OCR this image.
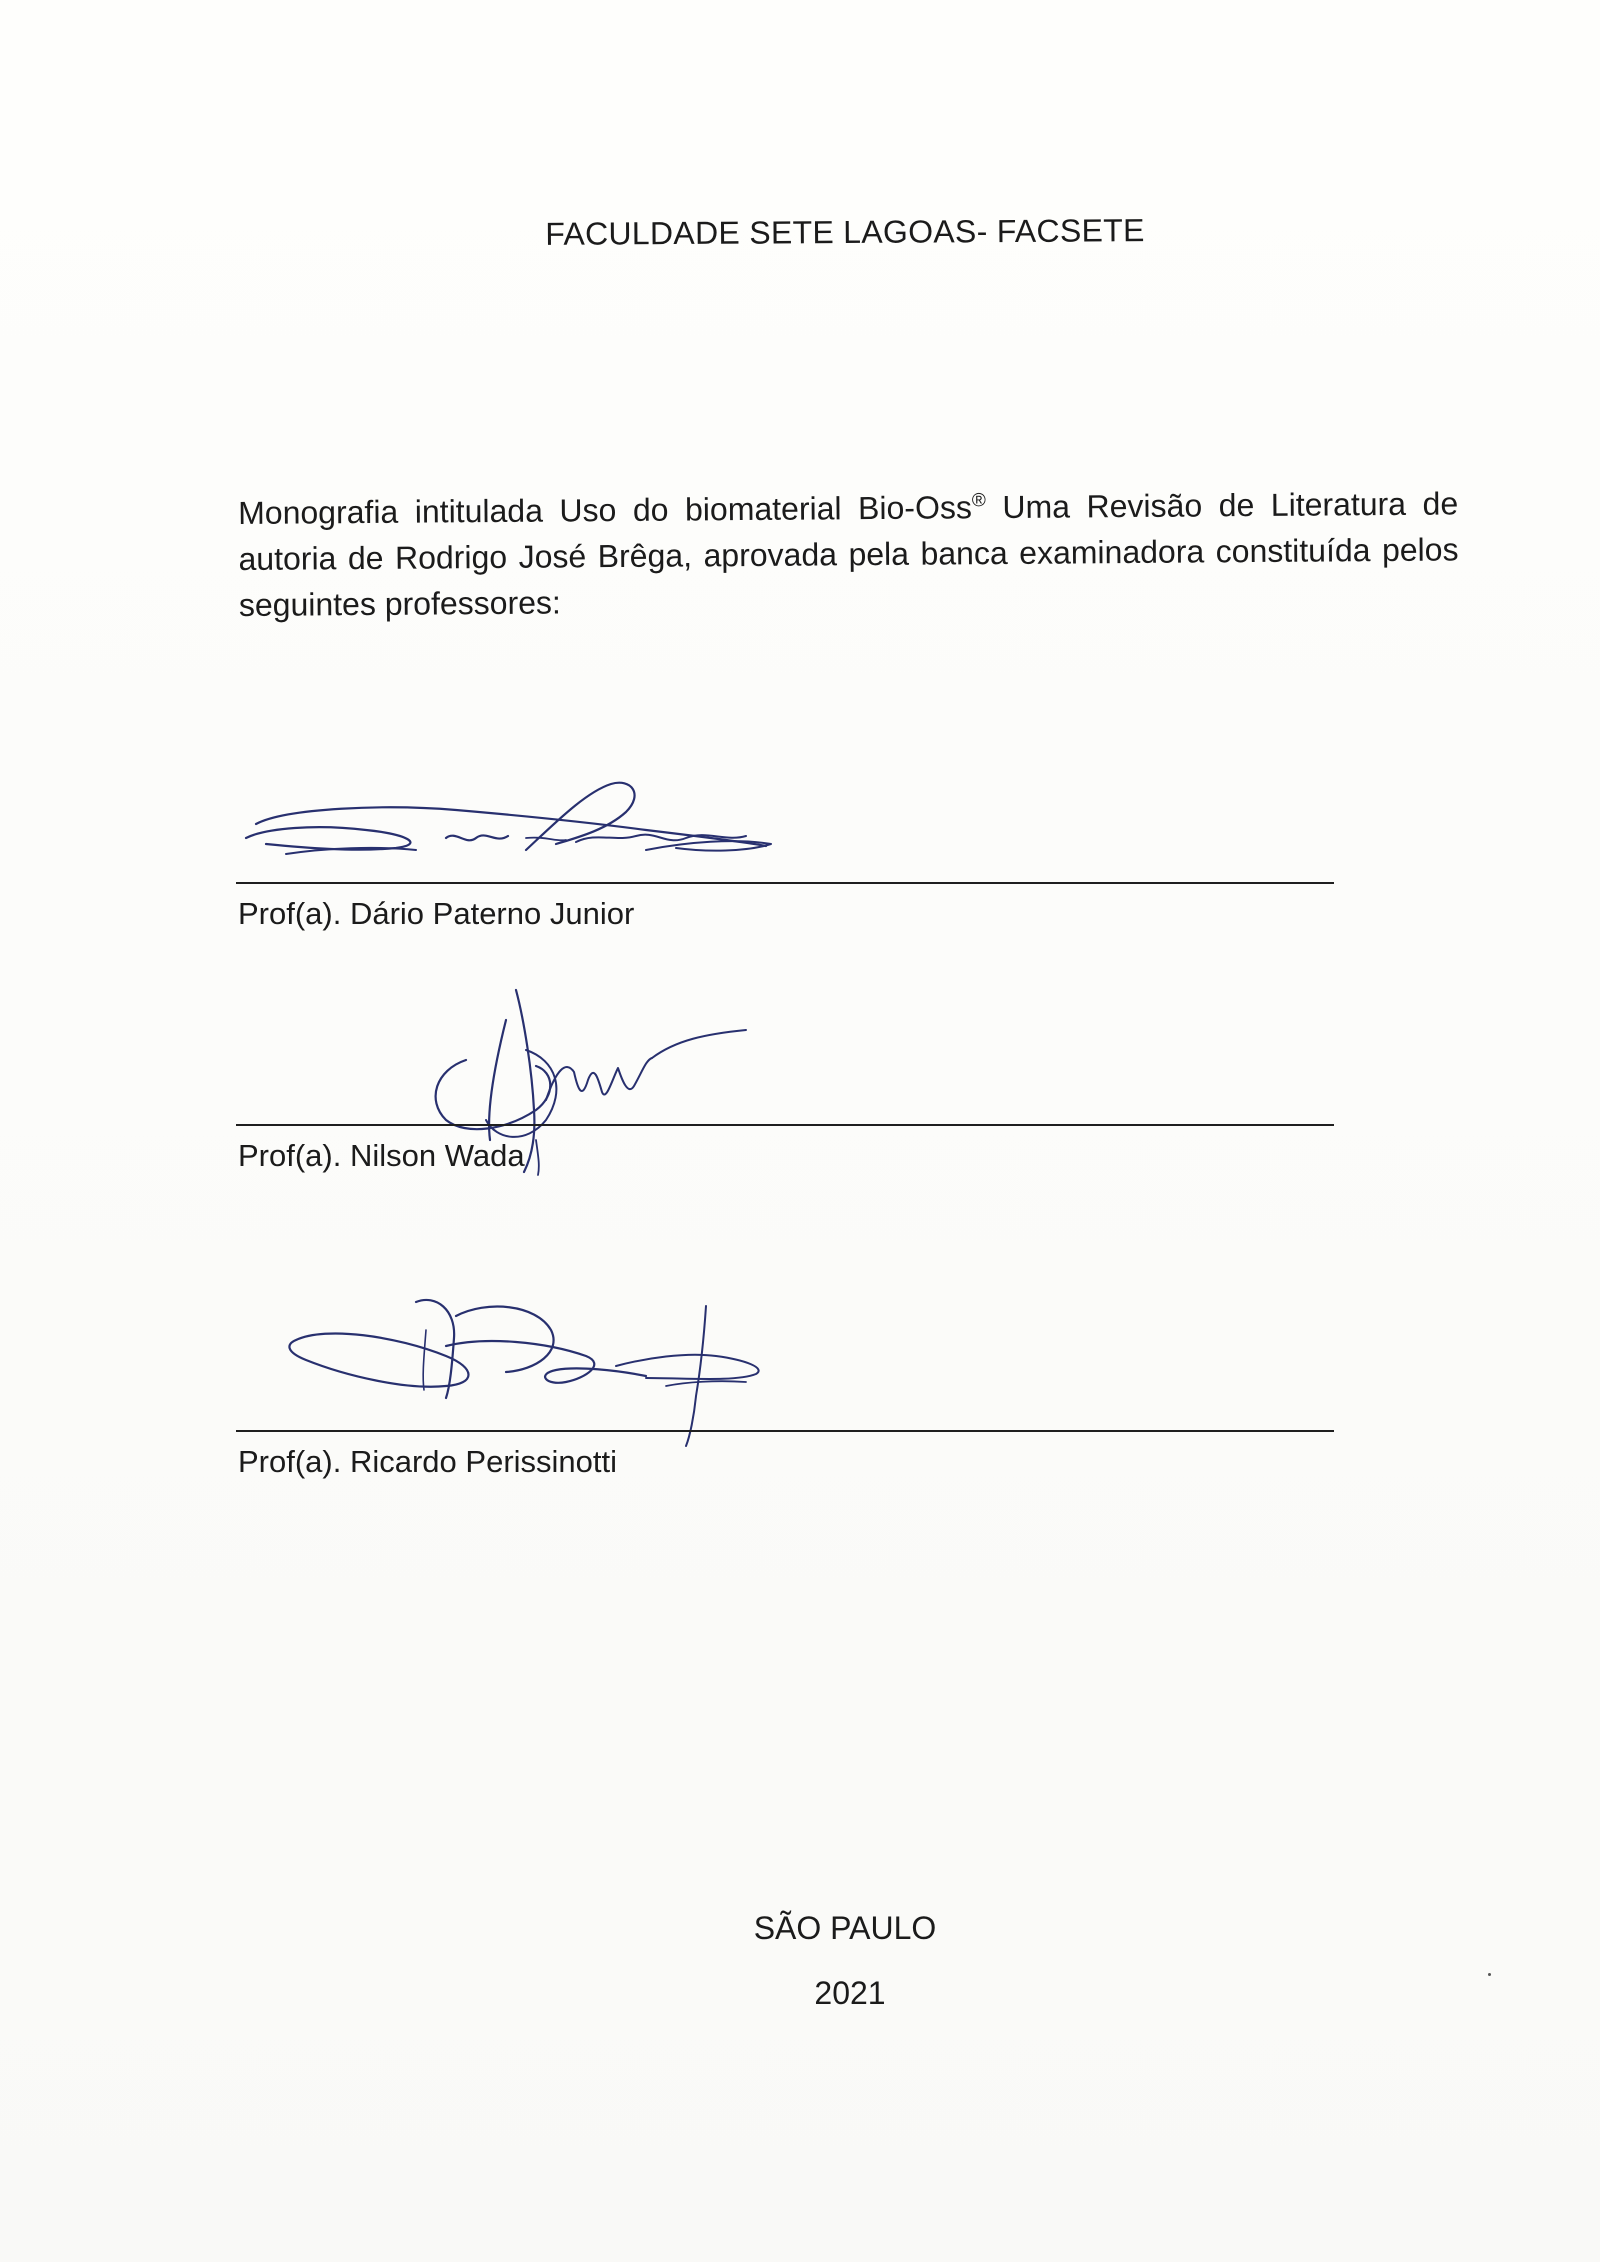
FACULDADE SETE LAGOAS- FACSETE

Monografia intitulada Uso do biomaterial Bio-Oss® Uma Revisão de Literatura de autoria de Rodrigo José Brêga, aprovada pela banca examinadora constituída pelos seguintes professores:

Prof(a). Dário Paterno Junior
Prof(a). Nilson Wada
Prof(a). Ricardo Perissinotti
SÃO PAULO
2021
